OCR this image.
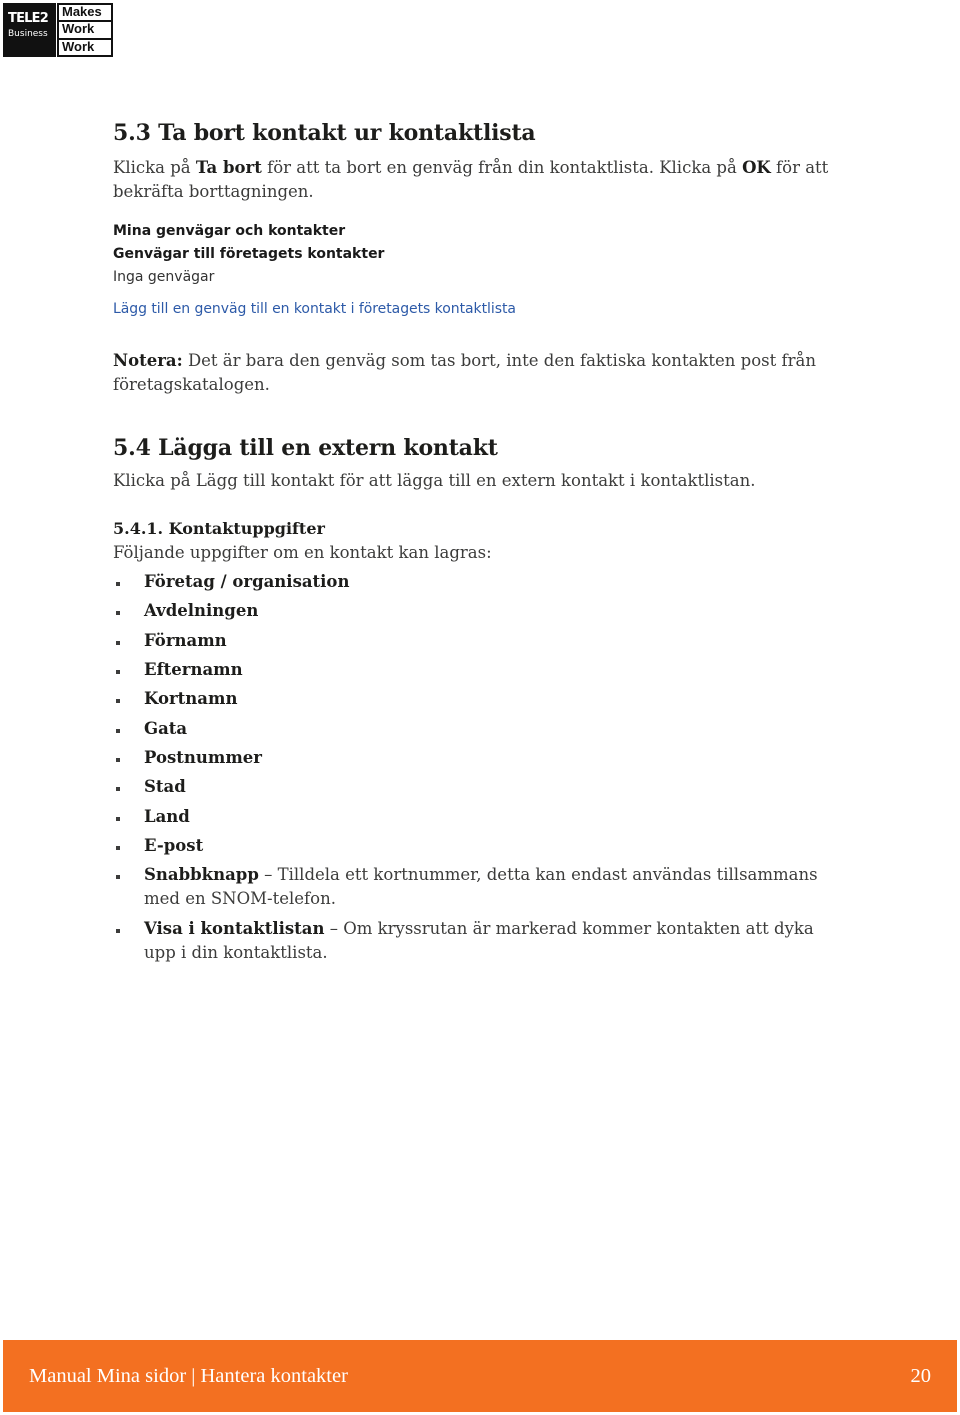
TELE2
Business
Makes
Work
Work
5.3 Ta bort kontakt ur kontaktlista

Klicka på Ta bort för att ta bort en genväg från din kontaktlista. Klicka på OK för att bekräfta borttagningen.

Mina genvägar och kontakter
Genvägar till företagets kontakter
Inga genvägar
Lägg till en genväg till en kontakt i företagets kontaktlista

Notera: Det är bara den genväg som tas bort, inte den faktiska kontakten post från företagskatalogen.

5.4 Lägga till en extern kontakt

Klicka på Lägg till kontakt för att lägga till en extern kontakt i kontaktlistan.

5.4.1. Kontaktuppgifter

Följande uppgifter om en kontakt kan lagras:

Företag / organisation
Avdelningen
Förnamn
Efternamn
Kortnamn
Gata
Postnummer
Stad
Land
E-post
Snabbknapp – Tilldela ett kortnummer, detta kan endast användas tillsammans med en SNOM-telefon.
Visa i kontaktlistan – Om kryssrutan är markerad kommer kontakten att dyka upp i din kontaktlista.
Manual Mina sidor | Hantera kontakter	20
